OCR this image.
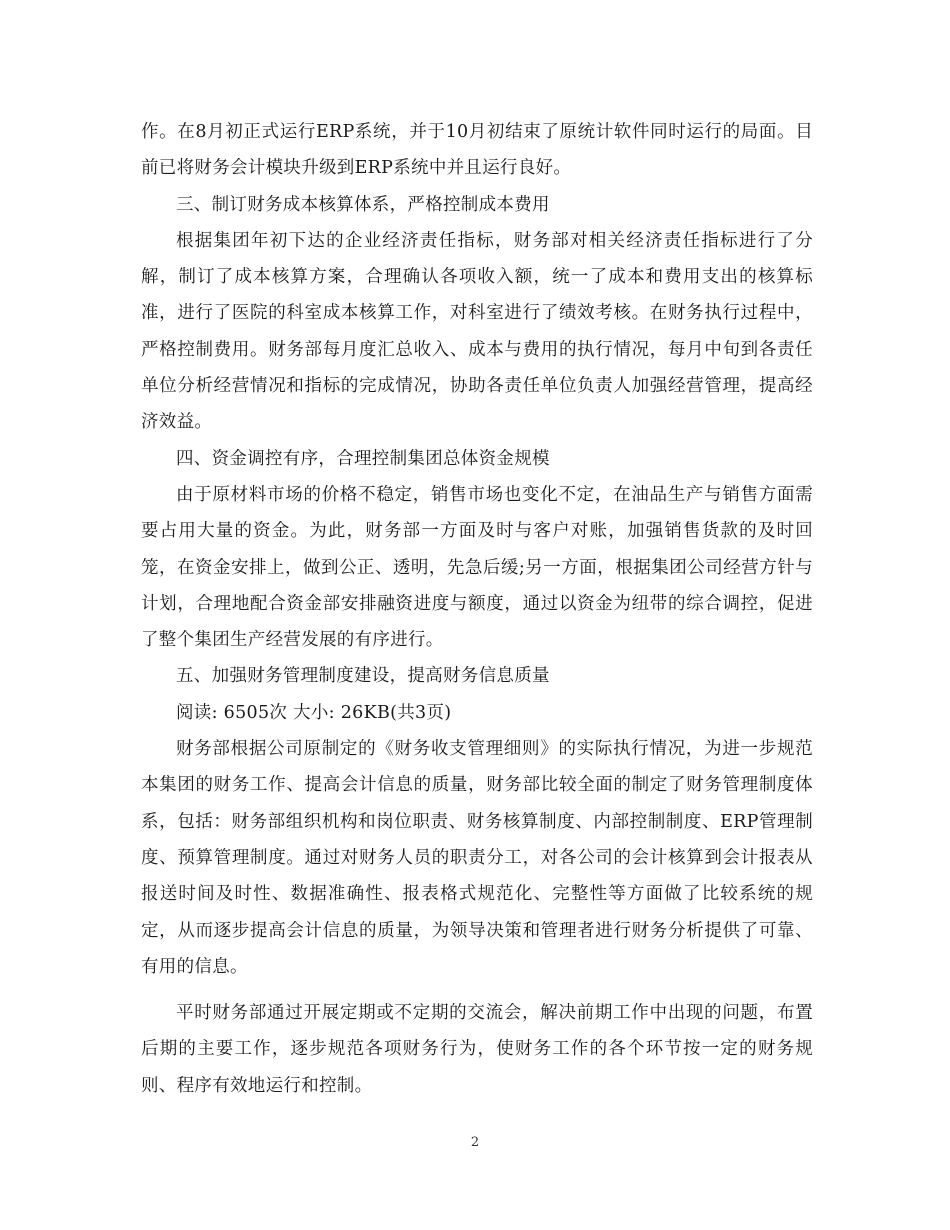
作。在8月初正式运行ERP系统，并于10月初结束了原统计软件同时运行的局面。目前已将财务会计模块升级到ERP系统中并且运行良好。

三、制订财务成本核算体系，严格控制成本费用

根据集团年初下达的企业经济责任指标，财务部对相关经济责任指标进行了分解，制订了成本核算方案，合理确认各项收入额，统一了成本和费用支出的核算标准，进行了医院的科室成本核算工作，对科室进行了绩效考核。在财务执行过程中，严格控制费用。财务部每月度汇总收入、成本与费用的执行情况，每月中旬到各责任单位分析经营情况和指标的完成情况，协助各责任单位负责人加强经营管理，提高经济效益。

四、资金调控有序，合理控制集团总体资金规模

由于原材料市场的价格不稳定，销售市场也变化不定，在油品生产与销售方面需要占用大量的资金。为此，财务部一方面及时与客户对账，加强销售货款的及时回笼，在资金安排上，做到公正、透明，先急后缓;另一方面，根据集团公司经营方针与计划，合理地配合资金部安排融资进度与额度，通过以资金为纽带的综合调控，促进了整个集团生产经营发展的有序进行。

五、加强财务管理制度建设，提高财务信息质量

阅读: 6505次 大小: 26KB(共3页)

财务部根据公司原制定的《财务收支管理细则》的实际执行情况，为进一步规范本集团的财务工作、提高会计信息的质量，财务部比较全面的制定了财务管理制度体系，包括：财务部组织机构和岗位职责、财务核算制度、内部控制制度、ERP管理制度、预算管理制度。通过对财务人员的职责分工，对各公司的会计核算到会计报表从报送时间及时性、数据准确性、报表格式规范化、完整性等方面做了比较系统的规定，从而逐步提高会计信息的质量，为领导决策和管理者进行财务分析提供了可靠、有用的信息。

平时财务部通过开展定期或不定期的交流会，解决前期工作中出现的问题，布置后期的主要工作，逐步规范各项财务行为，使财务工作的各个环节按一定的财务规则、程序有效地运行和控制。

2
